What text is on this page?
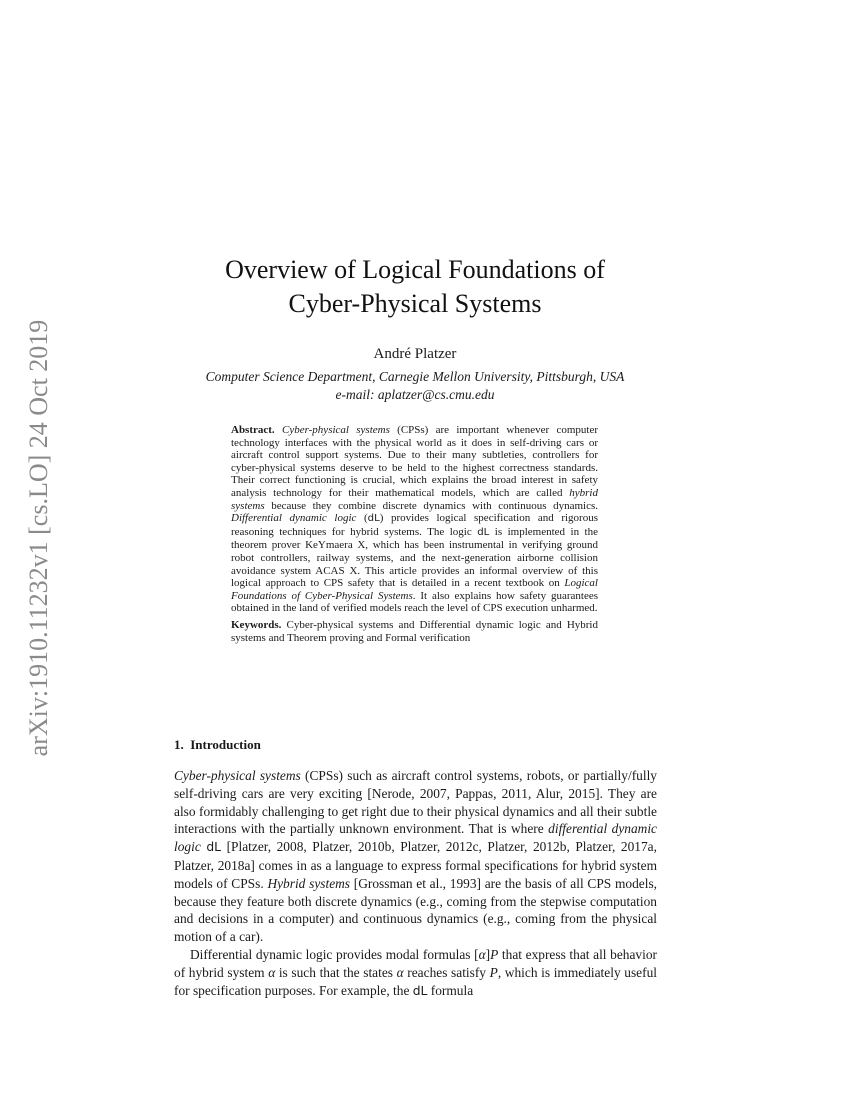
arXiv:1910.11232v1 [cs.LO] 24 Oct 2019
Overview of Logical Foundations of
Cyber-Physical Systems
André Platzer
Computer Science Department, Carnegie Mellon University, Pittsburgh, USA
e-mail: aplatzer@cs.cmu.edu

Abstract. Cyber-physical systems (CPSs) are important whenever computer technology interfaces with the physical world as it does in self-driving cars or aircraft control support systems. Due to their many subtleties, controllers for cyber-physical systems deserve to be held to the highest correctness standards. Their correct functioning is crucial, which explains the broad interest in safety analysis technology for their mathematical models, which are called hybrid systems because they combine discrete dynamics with continuous dynamics. Differential dynamic logic (dL) provides logical specification and rigorous reasoning techniques for hybrid systems. The logic dL is implemented in the theorem prover KeYmaera X, which has been instrumental in verifying ground robot controllers, railway systems, and the next-generation airborne collision avoidance system ACAS X. This article provides an informal overview of this logical approach to CPS safety that is detailed in a recent textbook on Logical Foundations of Cyber-Physical Systems. It also explains how safety guarantees obtained in the land of verified models reach the level of CPS execution unharmed.

Keywords. Cyber-physical systems and Differential dynamic logic and Hybrid systems and Theorem proving and Formal verification

1. Introduction

Cyber-physical systems (CPSs) such as aircraft control systems, robots, or partially/fully self-driving cars are very exciting [Nerode, 2007, Pappas, 2011, Alur, 2015]. They are also formidably challenging to get right due to their physical dynamics and all their subtle interactions with the partially unknown environment. That is where differential dynamic logic dL [Platzer, 2008, Platzer, 2010b, Platzer, 2012c, Platzer, 2012b, Platzer, 2017a, Platzer, 2018a] comes in as a language to express formal specifications for hybrid system models of CPSs. Hybrid systems [Grossman et al., 1993] are the basis of all CPS models, because they feature both discrete dynamics (e.g., coming from the stepwise computation and decisions in a computer) and continuous dynamics (e.g., coming from the physical motion of a car).

Differential dynamic logic provides modal formulas [α]P that express that all behavior of hybrid system α is such that the states α reaches satisfy P, which is immediately useful for specification purposes. For example, the dL formula
